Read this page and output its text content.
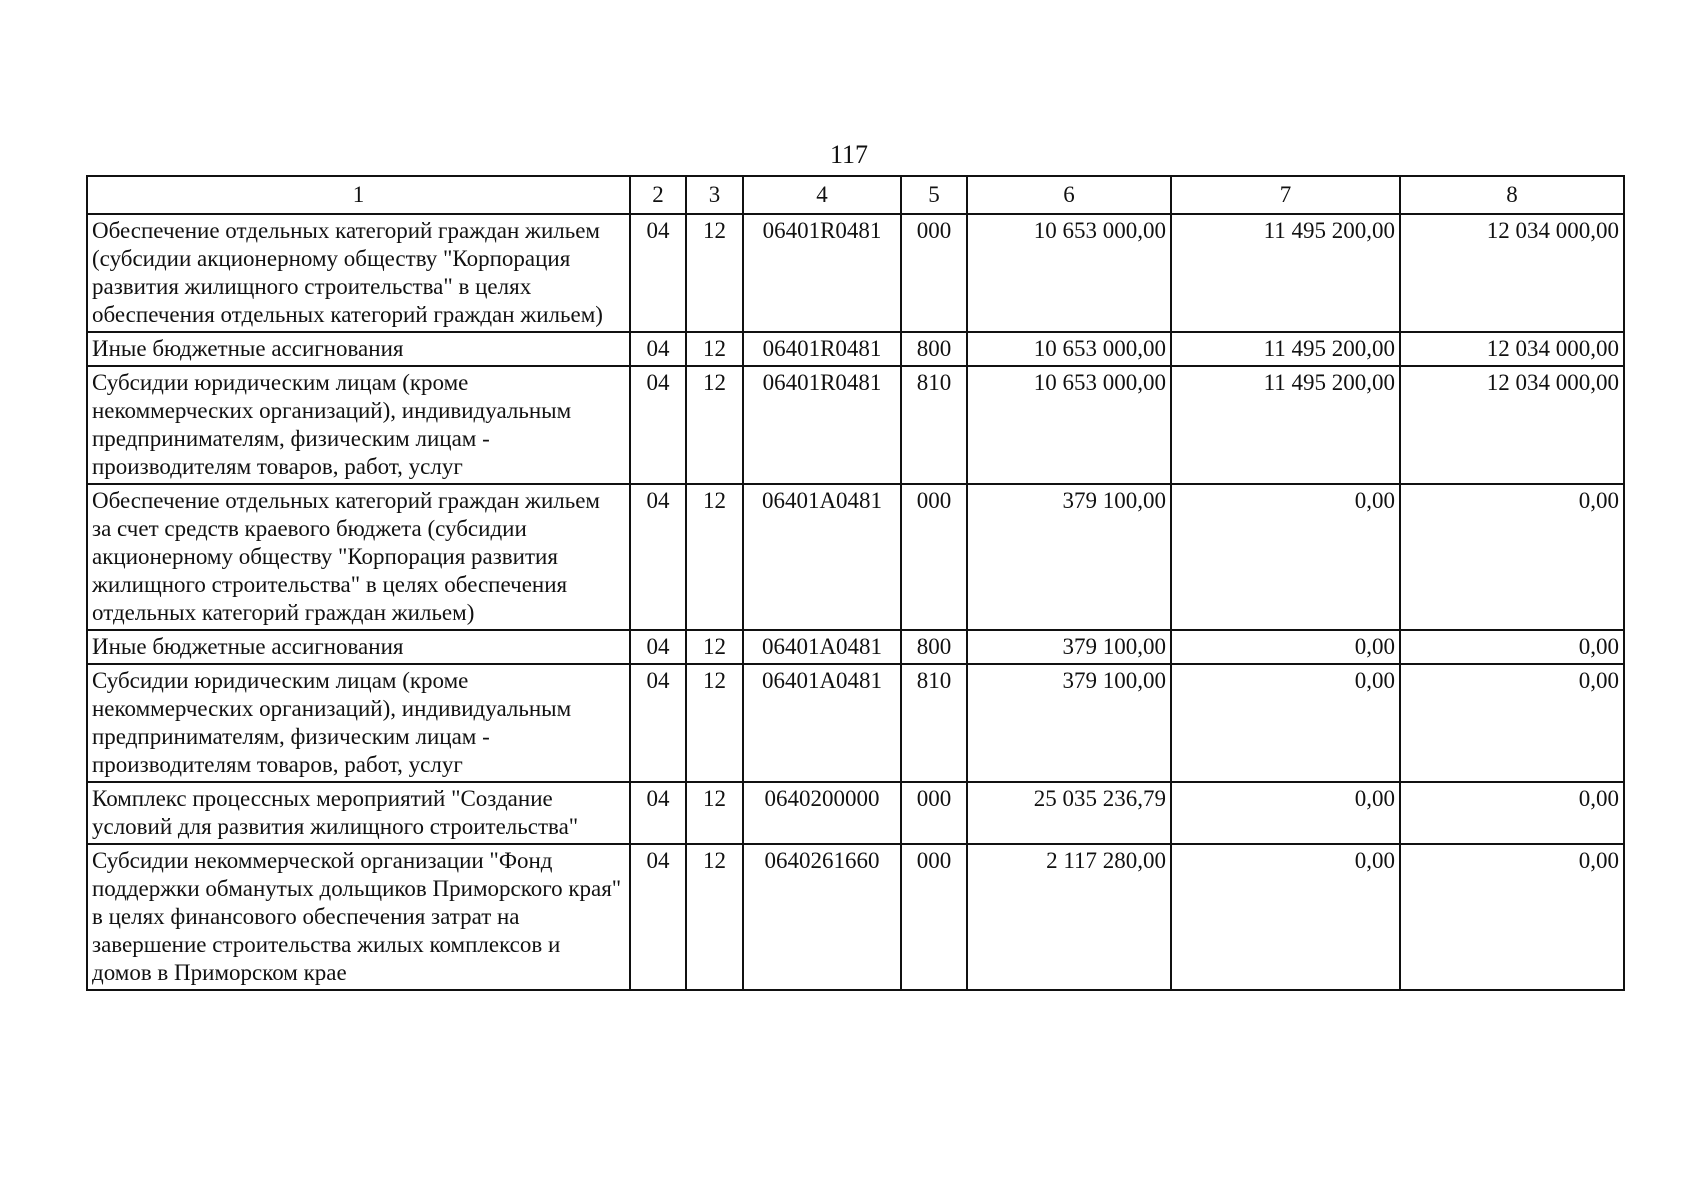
117
1	2	3	4	5	6	7	8
Обеспечение отдельных категорий граждан жильем (субсидии акционерному обществу "Корпорация развития жилищного строительства" в целях обеспечения отдельных категорий граждан жильем)	04	12	06401R0481	000	10 653 000,00	11 495 200,00	12 034 000,00
Иные бюджетные ассигнования	04	12	06401R0481	800	10 653 000,00	11 495 200,00	12 034 000,00
Субсидии юридическим лицам (кроме некоммерческих организаций), индивидуальным предпринимателям, физическим лицам - производителям товаров, работ, услуг	04	12	06401R0481	810	10 653 000,00	11 495 200,00	12 034 000,00
Обеспечение отдельных категорий граждан жильем за счет средств краевого бюджета (субсидии акционерному обществу "Корпорация развития жилищного строительства" в целях обеспечения отдельных категорий граждан жильем)	04	12	06401A0481	000	379 100,00	0,00	0,00
Иные бюджетные ассигнования	04	12	06401A0481	800	379 100,00	0,00	0,00
Субсидии юридическим лицам (кроме некоммерческих организаций), индивидуальным предпринимателям, физическим лицам - производителям товаров, работ, услуг	04	12	06401A0481	810	379 100,00	0,00	0,00
Комплекс процессных мероприятий "Создание условий для развития жилищного строительства"	04	12	0640200000	000	25 035 236,79	0,00	0,00
Субсидии некоммерческой организации "Фонд поддержки обманутых дольщиков Приморского края" в целях финансового обеспечения затрат на завершение строительства жилых комплексов и домов в Приморском крае	04	12	0640261660	000	2 117 280,00	0,00	0,00
